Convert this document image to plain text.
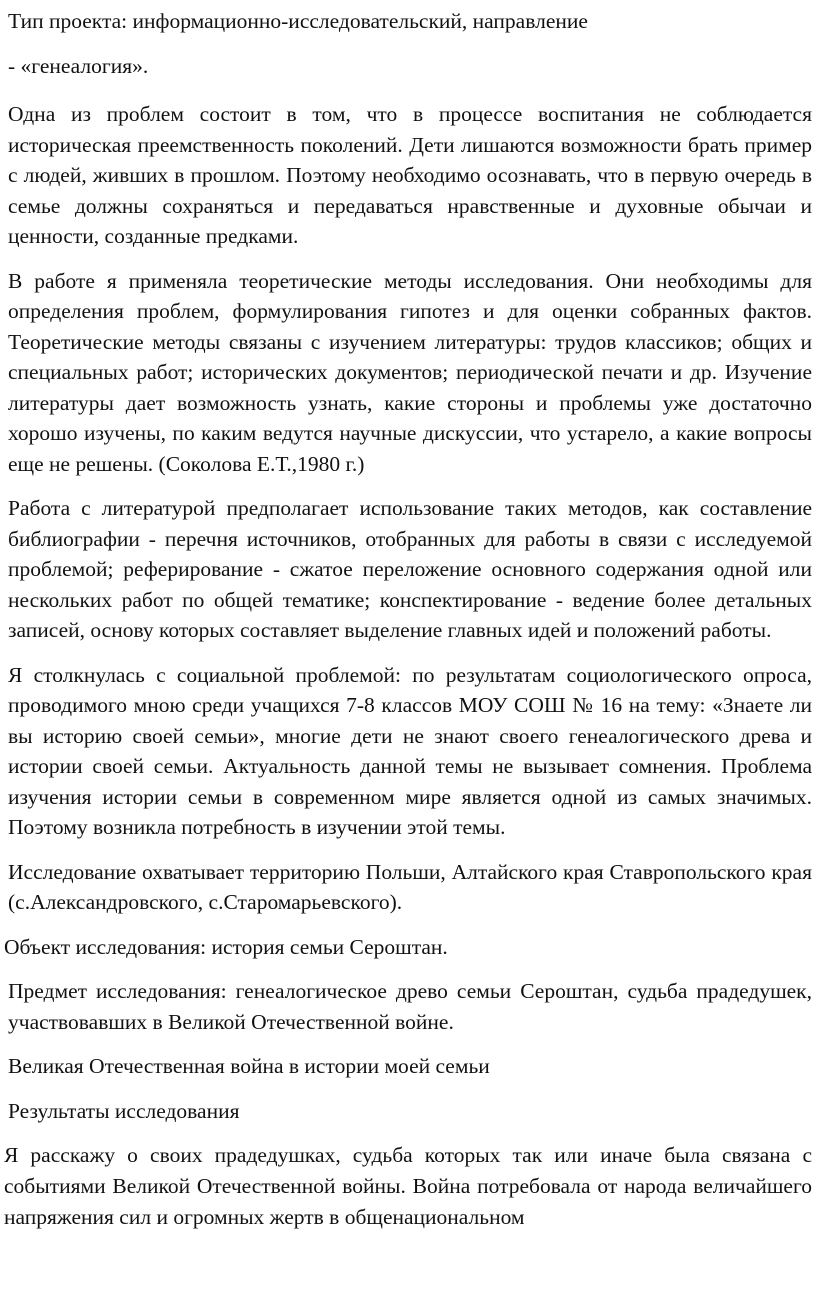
Тип проекта: информационно-исследовательский, направление

- «генеалогия».

Одна из проблем состоит в том, что в процессе воспитания не соблюдается историческая преемственность поколений. Дети лишаются возможности брать пример с людей, живших в прошлом. Поэтому необходимо осознавать, что в первую очередь в семье должны сохраняться и передаваться нравственные и духовные обычаи и ценности, созданные предками.

В работе я применяла теоретические методы исследования. Они необходимы для определения проблем, формулирования гипотез и для оценки собранных фактов. Теоретические методы связаны с изучением литературы: трудов классиков; общих и специальных работ; исторических документов; периодической печати и др. Изучение литературы дает возможность узнать, какие стороны и проблемы уже достаточно хорошо изучены, по каким ведутся научные дискуссии, что устарело, а какие вопросы еще не решены. (Соколова Е.Т.,1980 г.)

Работа с литературой предполагает использование таких методов, как составление библиографии - перечня источников, отобранных для работы в связи с исследуемой проблемой; реферирование - сжатое переложение основного содержания одной или нескольких работ по общей тематике; конспектирование - ведение более детальных записей, основу которых составляет выделение главных идей и положений работы.

Я столкнулась с социальной проблемой: по результатам социологического опроса, проводимого мною среди учащихся 7-8 классов МОУ СОШ № 16 на тему: «Знаете ли вы историю своей семьи», многие дети не знают своего генеалогического древа и истории своей семьи. Актуальность данной темы не вызывает сомнения. Проблема изучения истории семьи в современном мире является одной из самых значимых. Поэтому возникла потребность в изучении этой темы.

Исследование охватывает территорию Польши, Алтайского края Ставропольского края (с.Александровского, с.Старомарьевского).

Объект исследования: история семьи Сероштан.

Предмет исследования: генеалогическое древо семьи Сероштан, судьба прадедушек, участвовавших в Великой Отечественной войне.

Великая Отечественная война в истории моей семьи

Результаты исследования

Я расскажу о своих прадедушках, судьба которых так или иначе была связана с событиями Великой Отечественной войны. Война потребовала от народа величайшего напряжения сил и огромных жертв в общенациональном
